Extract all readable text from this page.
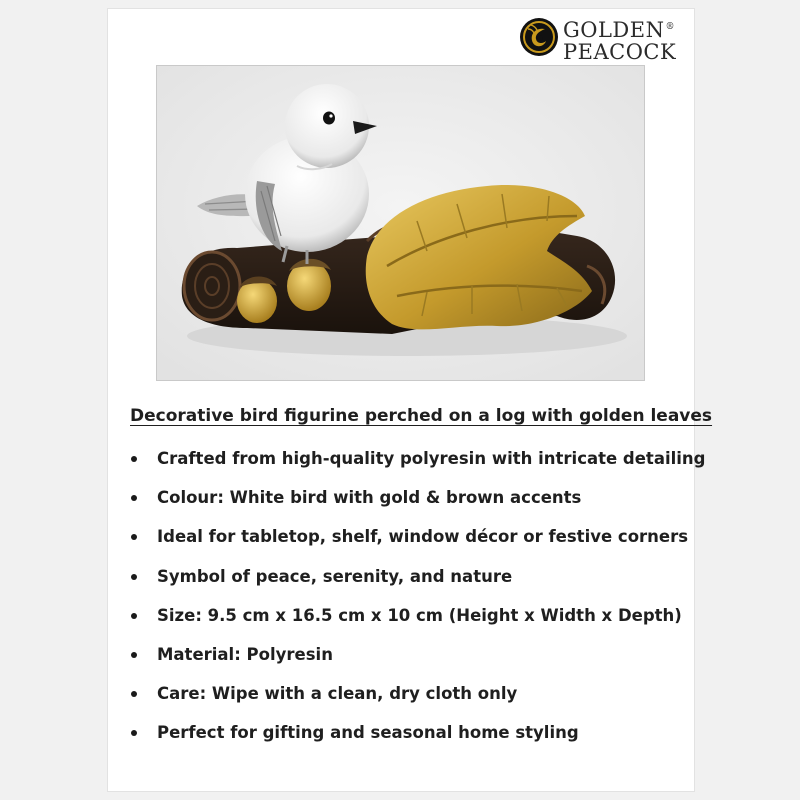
GOLDEN®
PEACOCK
Decorative bird figurine perched on a log with golden leaves
Crafted from high-quality polyresin with intricate detailing
Colour: White bird with gold & brown accents
Ideal for tabletop, shelf, window décor or festive corners
Symbol of peace, serenity, and nature
Size: 9.5 cm x 16.5 cm x 10 cm (Height x Width x Depth)
Material: Polyresin
Care: Wipe with a clean, dry cloth only
Perfect for gifting and seasonal home styling
